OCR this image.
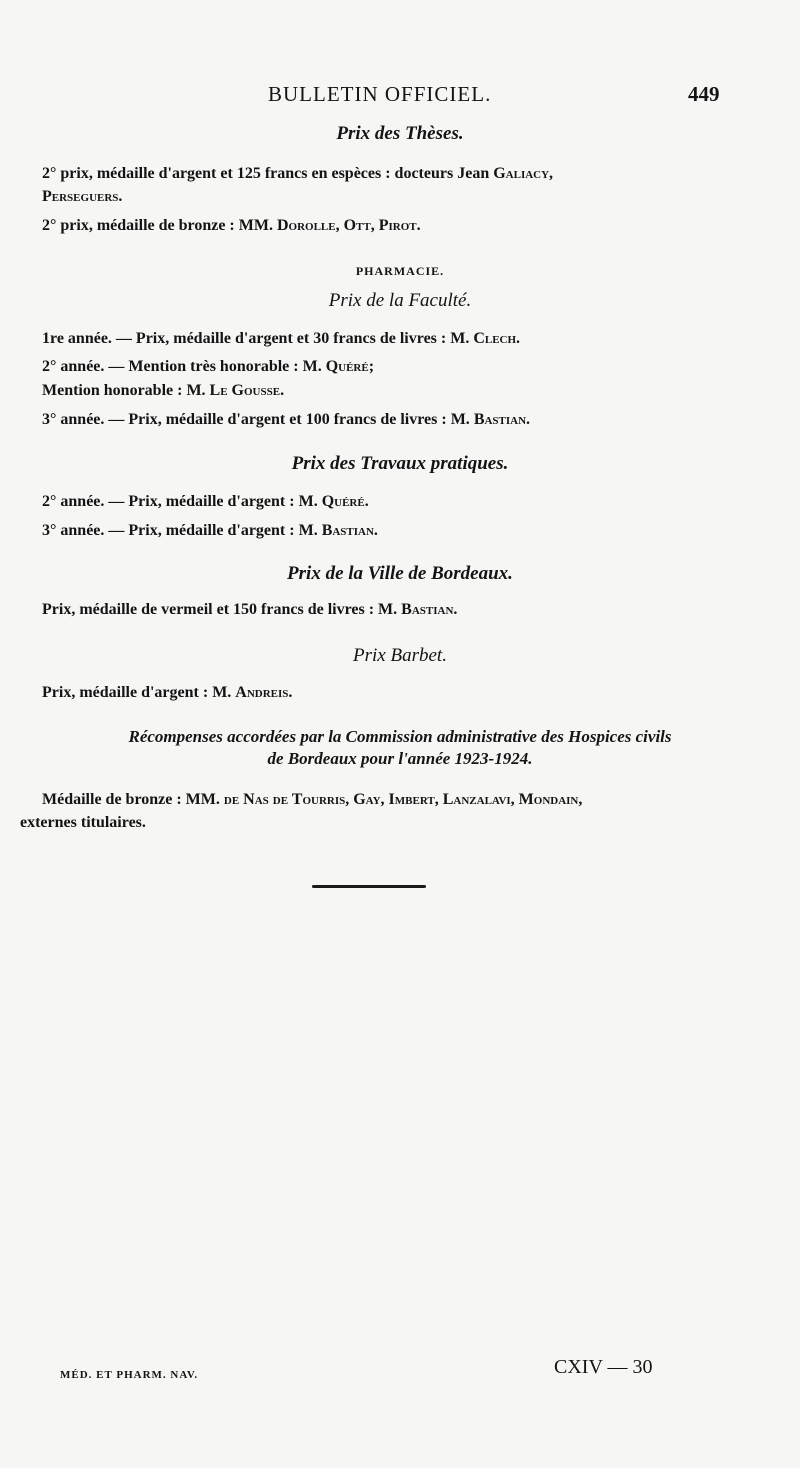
BULLETIN OFFICIEL.	449
Prix des Thèses.
2° prix, médaille d'argent et 125 francs en espèces : docteurs Jean Galiacy,
Perseguers.
2° prix, médaille de bronze : MM. Dorolle, Ott, Pirot.
PHARMACIE.
Prix de la Faculté.
1re année. — Prix, médaille d'argent et 30 francs de livres : M. Clech.
2° année. — Mention très honorable : M. Quéré;
Mention honorable : M. Le Gousse.
3° année. — Prix, médaille d'argent et 100 francs de livres : M. Bastian.
Prix des Travaux pratiques.
2° année. — Prix, médaille d'argent : M. Quéré.
3° année. — Prix, médaille d'argent : M. Bastian.
Prix de la Ville de Bordeaux.
Prix, médaille de vermeil et 150 francs de livres : M. Bastian.
Prix Barbet.
Prix, médaille d'argent : M. Andreis.
Récompenses accordées par la Commission administrative des Hospices civils
de Bordeaux pour l'année 1923-1924.
Médaille de bronze : MM. de Nas de Tourris, Gay, Imbert, Lanzalavi, Mondain,
externes titulaires.
MÉD. ET PHARM. NAV.	CXIV — 30
